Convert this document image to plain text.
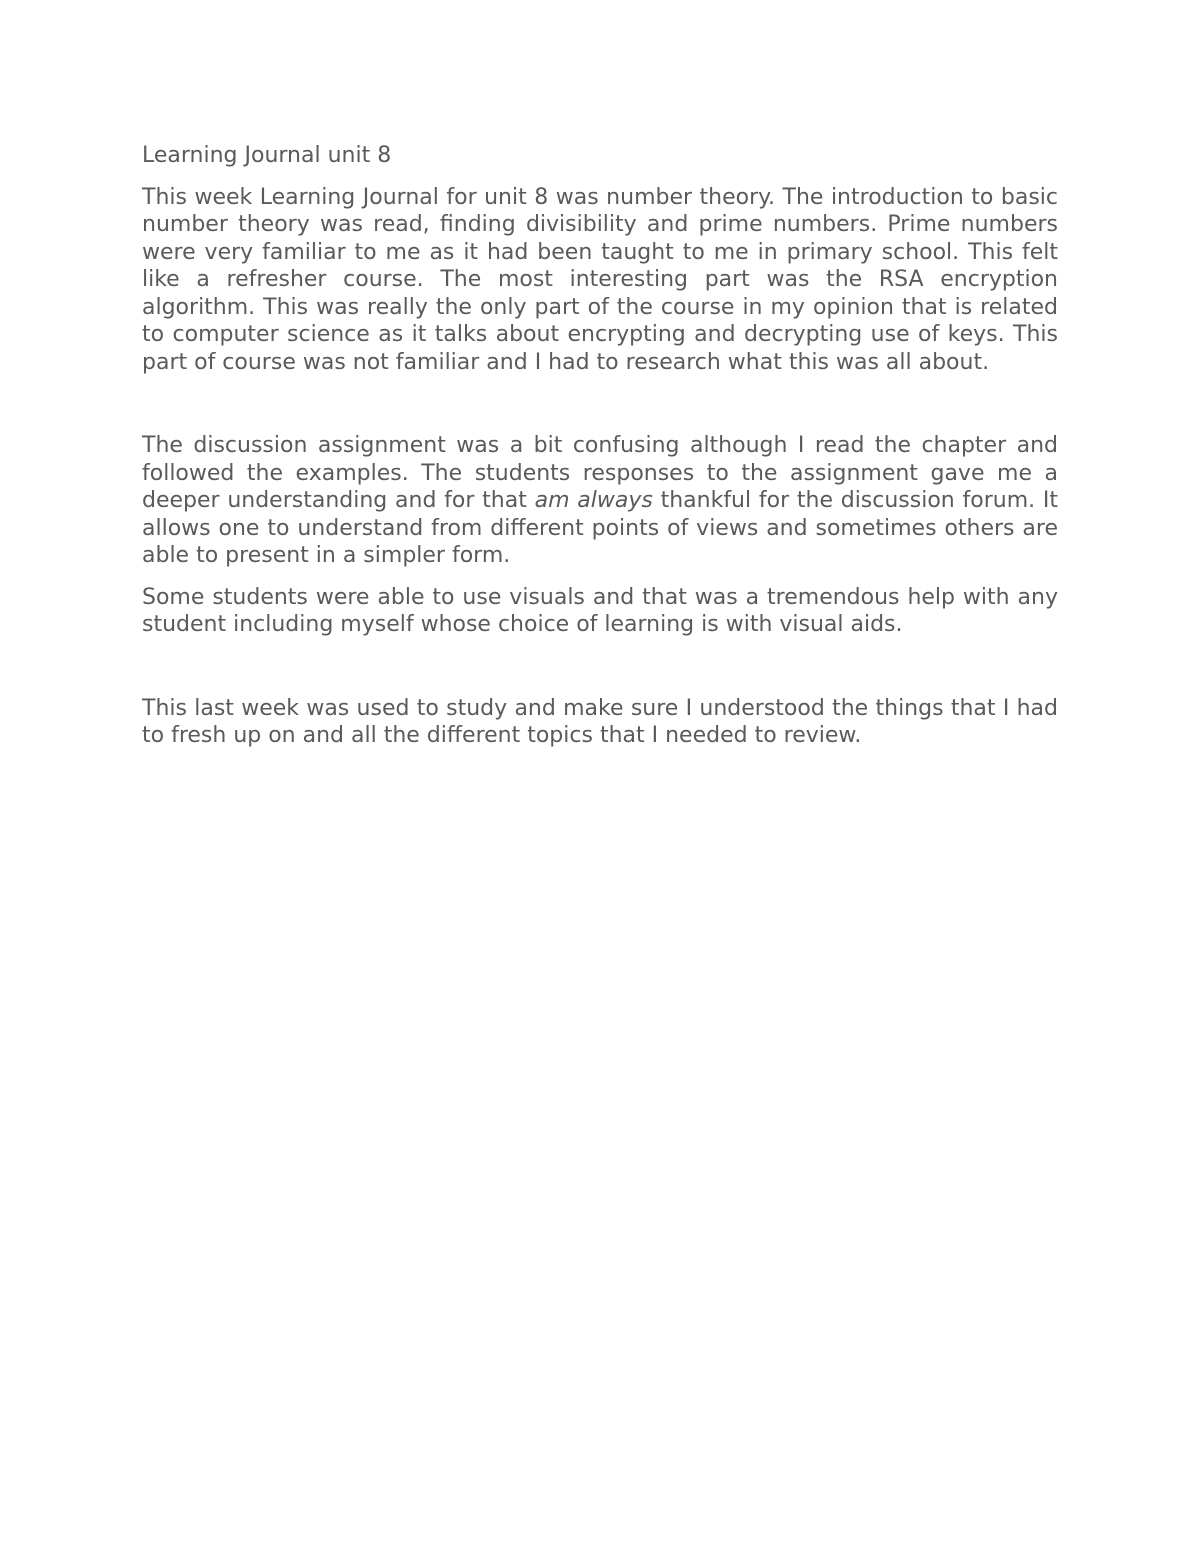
Learning Journal unit 8

This week Learning Journal for unit 8 was number theory. The introduction to basic number theory was read, finding divisibility and prime numbers. Prime numbers were very familiar to me as it had been taught to me in primary school. This felt like a refresher course. The most interesting part was the RSA encryption algorithm. This was really the only part of the course in my opinion that is related to computer science as it talks about encrypting and decrypting use of keys. This part of course was not familiar and I had to research what this was all about.

The discussion assignment was a bit confusing although I read the chapter and followed the examples. The students responses to the assignment gave me a deeper understanding and for that am always thankful for the discussion forum. It allows one to understand from different points of views and sometimes others are able to present in a simpler form.

Some students were able to use visuals and that was a tremendous help with any student including myself whose choice of learning is with visual aids.

This last week was used to study and make sure I understood the things that I had to fresh up on and all the different topics that I needed to review.
